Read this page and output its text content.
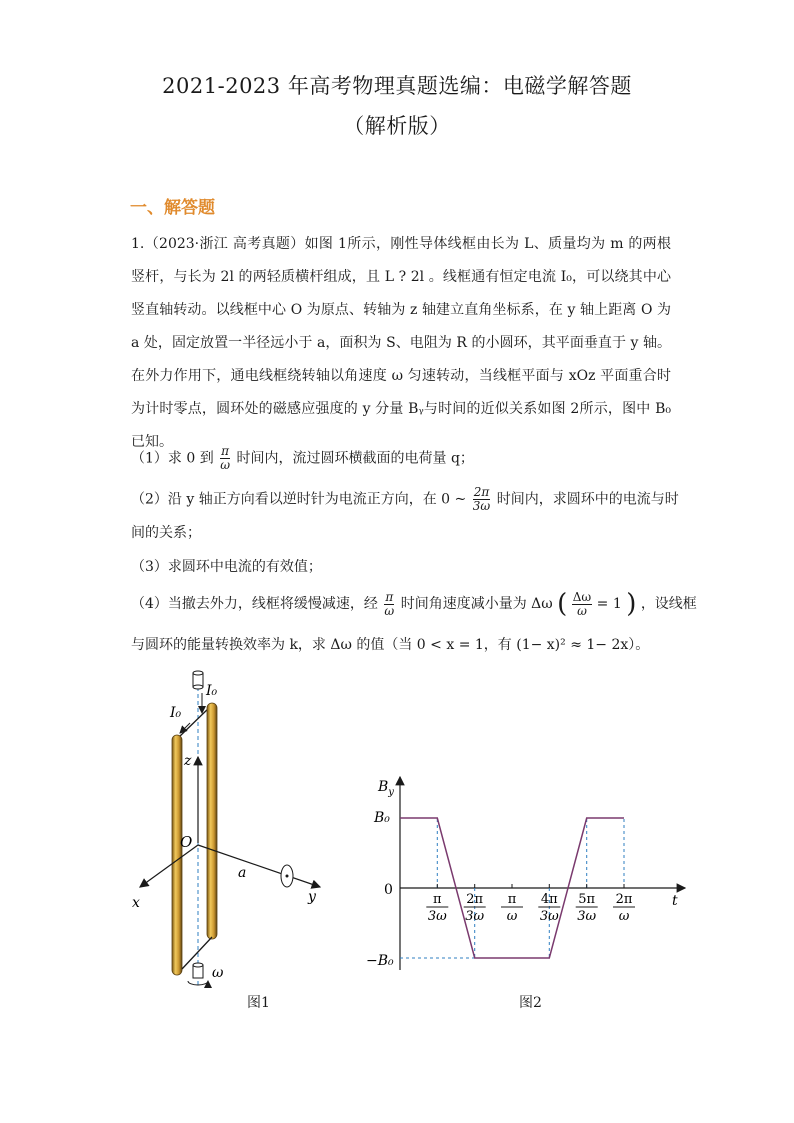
2021-2023 年高考物理真题选编：电磁学解答题
（解析版）
一、解答题
1.（2023·浙江 高考真题）如图 1所示，刚性导体线框由长为 L、质量均为 m 的两根竖杆，与长为 2l 的两轻质横杆组成，且 L ? 2l 。线框通有恒定电流 I₀，可以绕其中心竖直轴转动。以线框中心 O 为原点、转轴为 z 轴建立直角坐标系，在 y 轴上距离 O 为 a 处，固定放置一半径远小于 a，面积为 S、电阻为 R 的小圆环，其平面垂直于 y 轴。在外力作用下，通电线框绕转轴以角速度 ω 匀速转动，当线框平面与 xOz 平面重合时为计时零点，圆环处的磁感应强度的 y 分量 Bᵧ与时间的近似关系如图 2所示，图中 B₀ 已知。
（1）求 0 到 $\frac{\pi}{\omega}$ 时间内，流过圆环横截面的电荷量 q；
（2）沿 y 轴正方向看以逆时针为电流正方向，在 0 ~ $\frac{2\pi}{3\omega}$ 时间内，求圆环中的电流与时
间的关系；
（3）求圆环中电流的有效值；
（4）当撤去外力，线框将缓慢减速，经 $\frac{\pi}{\omega}$ 时间角速度减小量为 Δω ( $\frac{\Delta\omega}{\omega} = 1$ ) ，设线框
与圆环的能量转换效率为 k，求 Δω 的值（当 0 < x = 1，有 (1− x)² ≈ 1− 2x）。
I₀
I₀
z
O
a
x	y
ω
图1
π
3ω
2π
3ω
π
ω
4π
3ω
5π
3ω
2π
ω
$B_y$
t
B₀
0
−B₀
图2
